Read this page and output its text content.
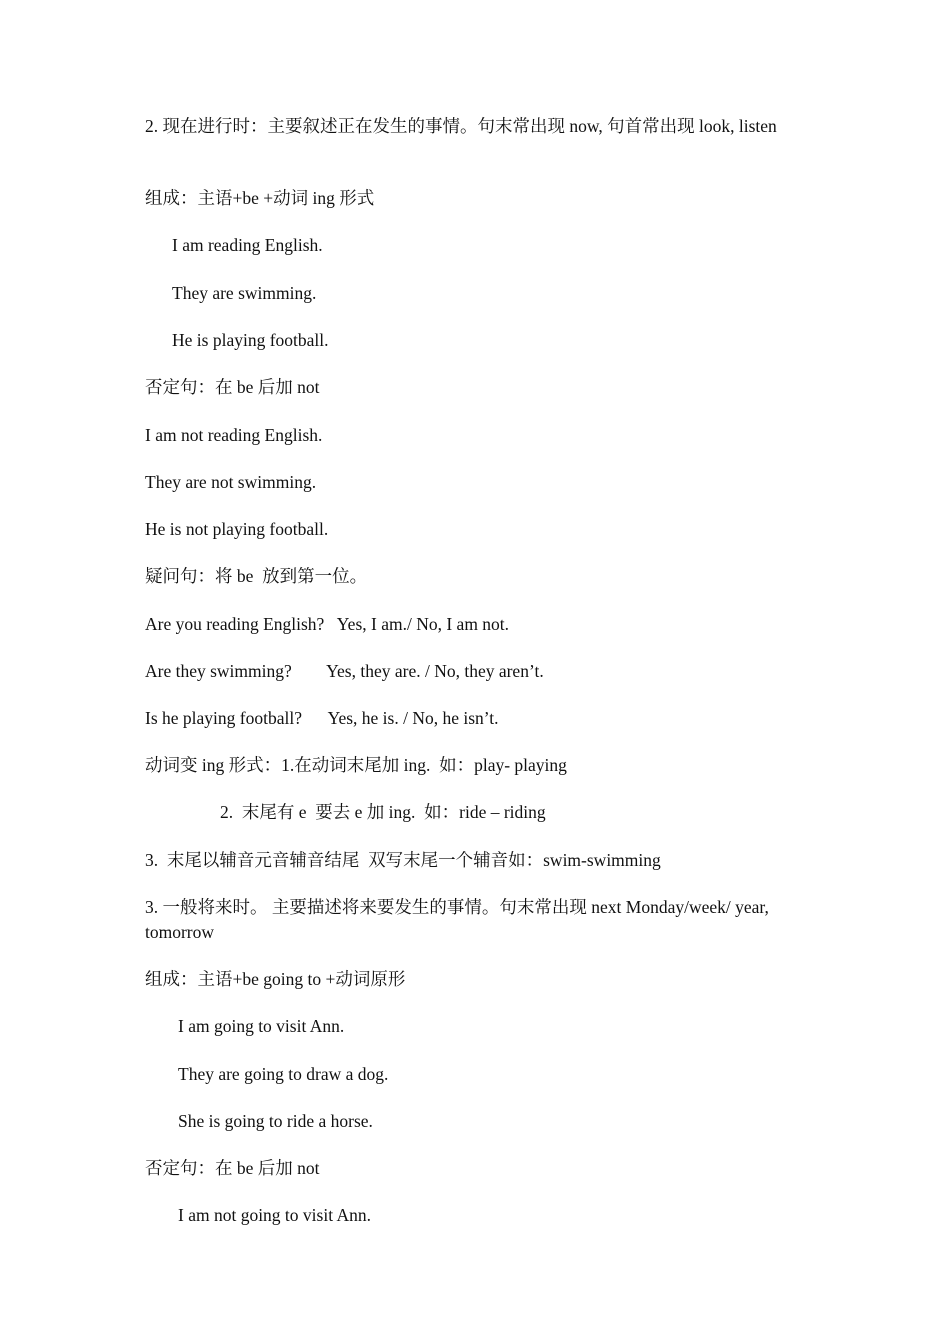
2. 现在进行时：主要叙述正在发生的事情。句末常出现 now, 句首常出现 look, listen
组成：主语+be +动词 ing 形式
I am reading English.
They are swimming.
He is playing football.
否定句：在 be 后加 not
I am not reading English.
They are not swimming.
He is not playing football.
疑问句：将 be  放到第一位。
Are you reading English?   Yes, I am./ No, I am not.
Are they swimming?        Yes, they are. / No, they aren’t.
Is he playing football?      Yes, he is. / No, he isn’t.
动词变 ing 形式：1.在动词末尾加 ing.  如：play- playing
2.  末尾有 e  要去 e 加 ing.  如：ride – riding
3.  末尾以辅音元音辅音结尾  双写末尾一个辅音如：swim-swimming
3. 一般将来时。 主要描述将来要发生的事情。句末常出现 next Monday/week/ year, tomorrow
组成：主语+be going to +动词原形
I am going to visit Ann.
They are going to draw a dog.
She is going to ride a horse.
否定句：在 be 后加 not
I am not going to visit Ann.
